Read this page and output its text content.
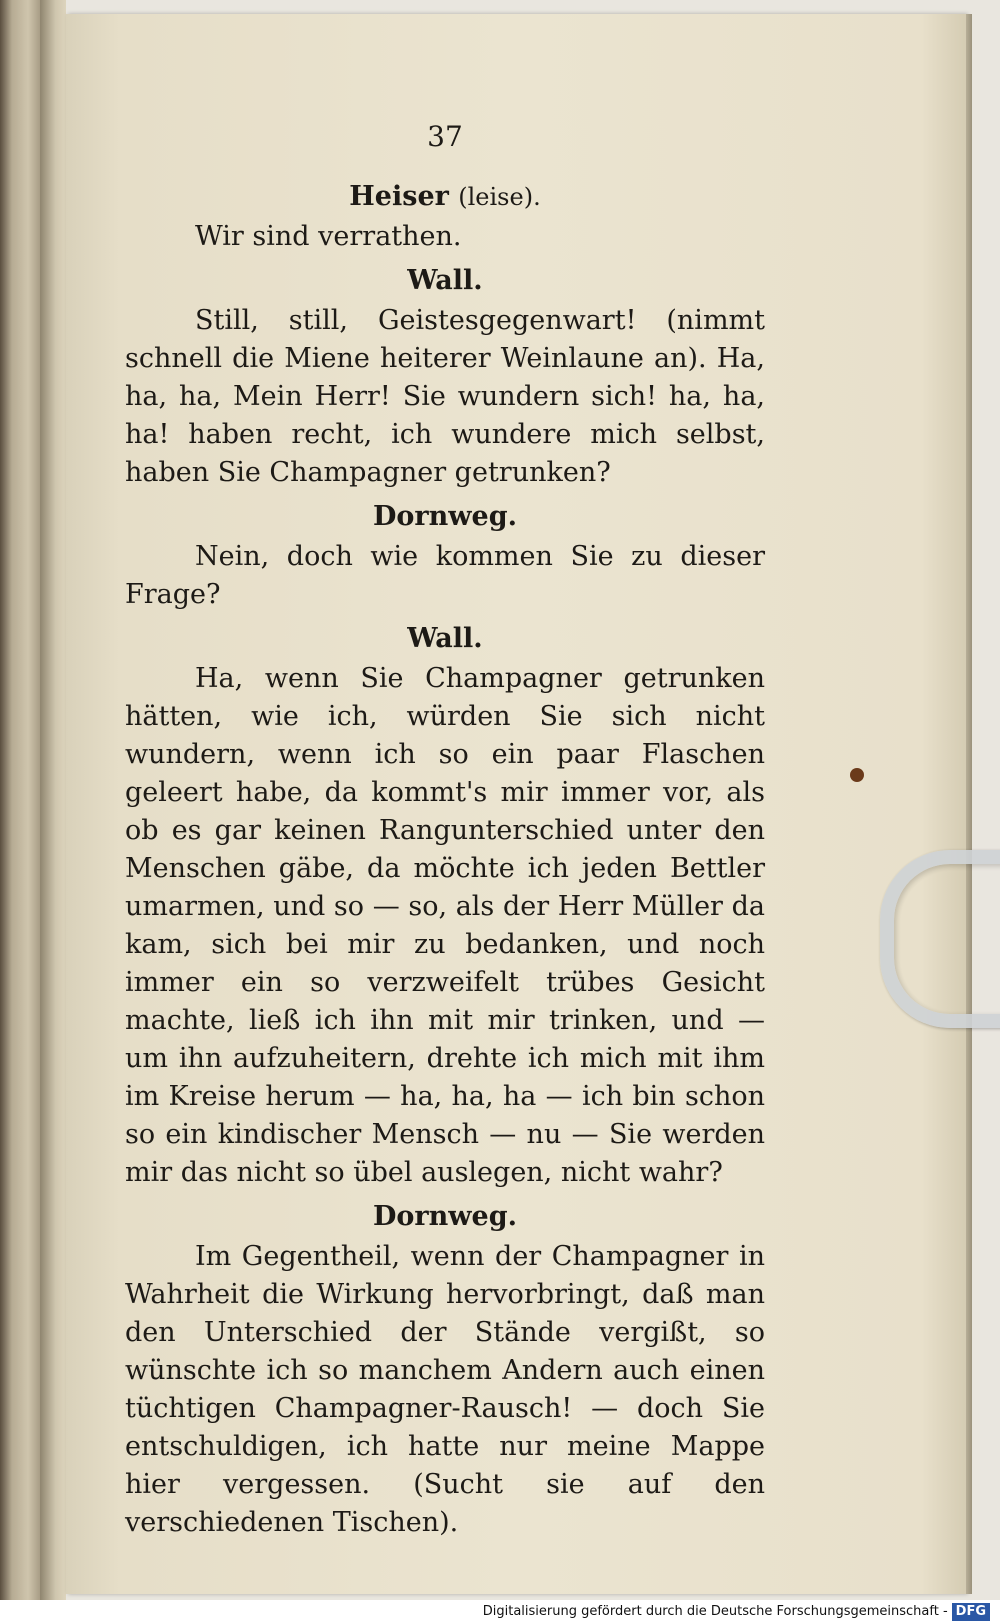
37
Heiser (leise).

Wir sind verrathen.

Wall.

Still, still, Geistesgegenwart! (nimmt schnell die Miene heiterer Weinlaune an). Ha, ha, ha, Mein Herr! Sie wundern sich! ha, ha, ha! haben recht, ich wundere mich selbst, haben Sie Champagner getrunken?

Dornweg.

Nein, doch wie kommen Sie zu dieser Frage?

Wall.

Ha, wenn Sie Champagner getrunken hätten, wie ich, würden Sie sich nicht wundern, wenn ich so ein paar Flaschen geleert habe, da kommt's mir immer vor, als ob es gar keinen Rangunterschied unter den Menschen gäbe, da möchte ich jeden Bettler umarmen, und so — so, als der Herr Müller da kam, sich bei mir zu bedanken, und noch immer ein so verzweifelt trübes Gesicht machte, ließ ich ihn mit mir trinken, und — um ihn aufzuheitern, drehte ich mich mit ihm im Kreise herum — ha, ha, ha — ich bin schon so ein kindischer Mensch — nu — Sie werden mir das nicht so übel auslegen, nicht wahr?

Dornweg.

Im Gegentheil, wenn der Champagner in Wahrheit die Wirkung hervorbringt, daß man den Unterschied der Stände vergißt, so wünschte ich so manchem Andern auch einen tüchtigen Champagner-Rausch! — doch Sie entschuldigen, ich hatte nur meine Mappe hier vergessen. (Sucht sie auf den verschiedenen Tischen).

Digitalisierung gefördert durch die Deutsche Forschungsgemeinschaft - DFG
